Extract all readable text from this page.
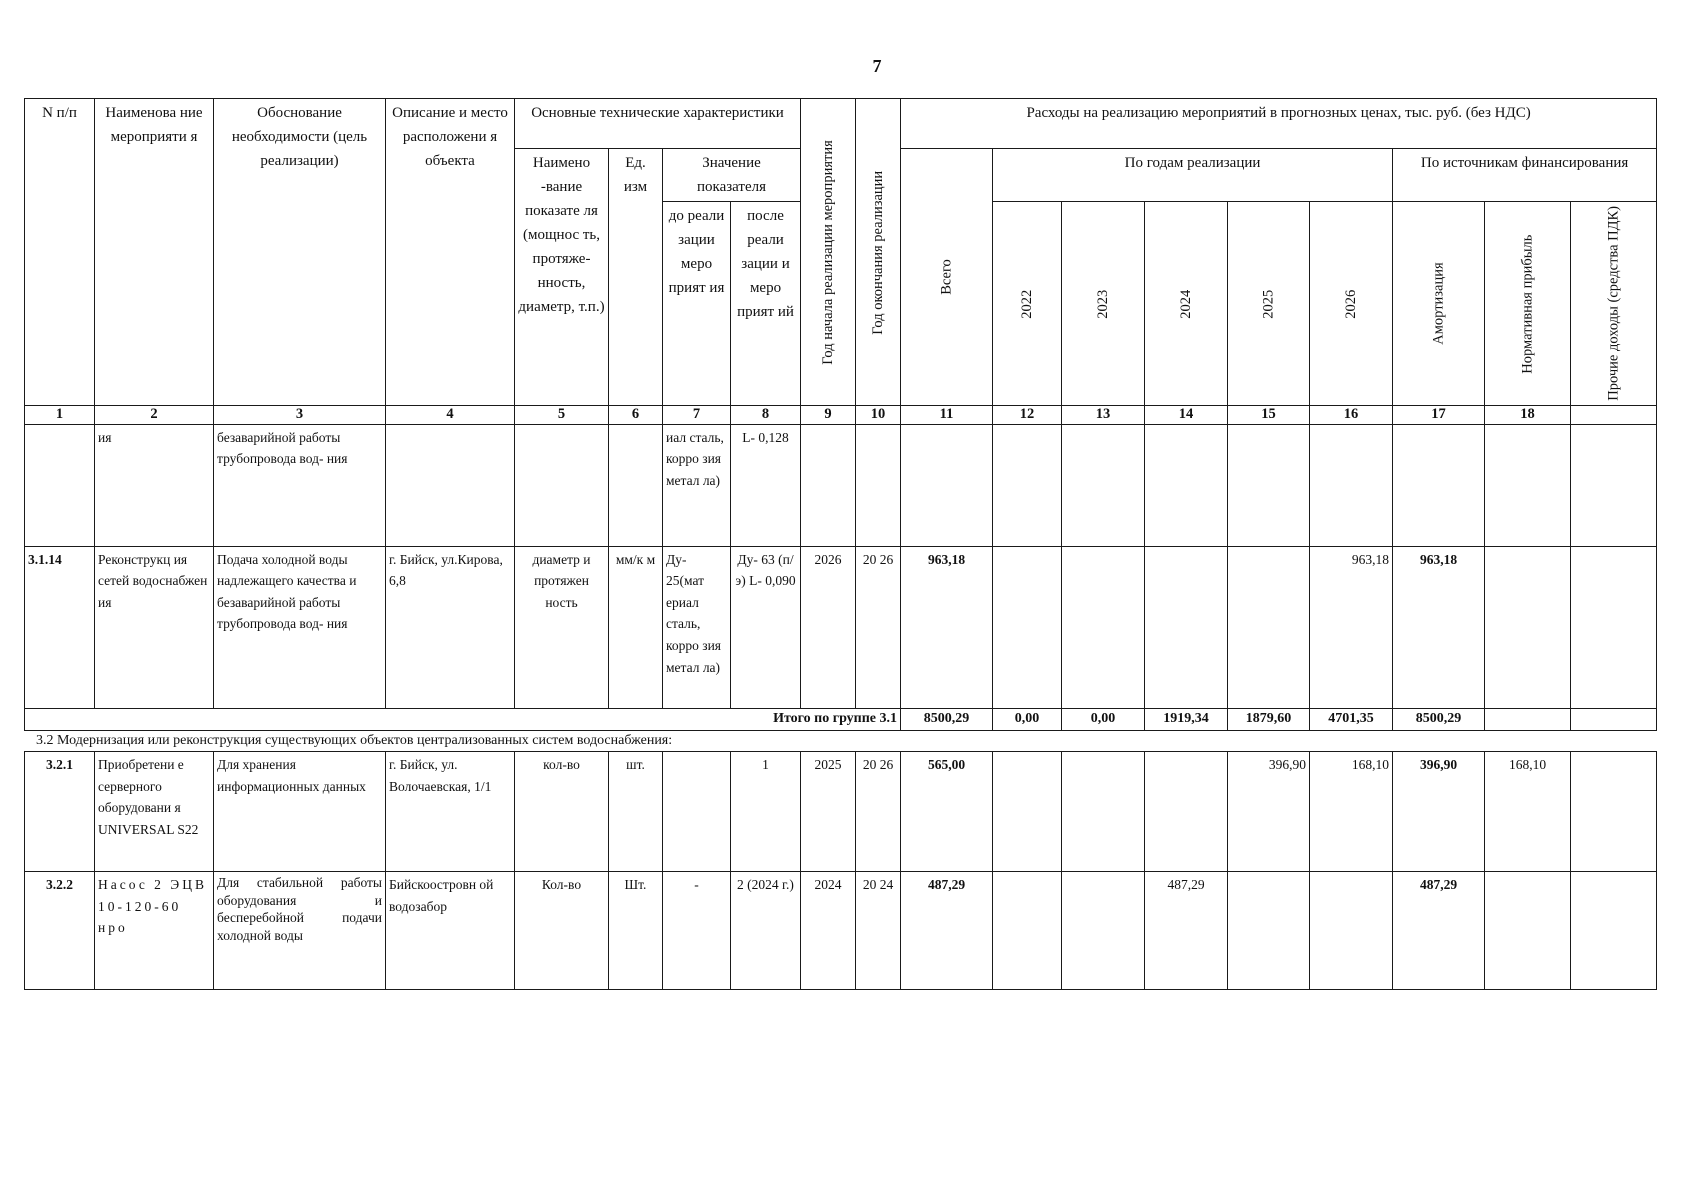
7
N п/п	Наименова ние мероприяти я	Обоснование необходимости (цель реализации)	Описание и место расположени я объекта	Основные технические характеристики				Год начала реализации мероприятия	Год окончания реализации	Расходы на реализацию мероприятий в прогнозных ценах, тыс. руб. (без НДС)								
				Наимено -вание показате ля (мощнос ть, протяже- нность, диаметр, т.п.)	Ед. изм	Значение показателя				Всего	По годам реализации					По источникам финансирования		
						до реали зации меро прият ия	после реали зации и меро прият ий				2022	2023	2024	2025	2026	Амортизация	Нормативная прибыль	Прочие доходы (средства ПДК)

1	2	3	4	5	6	7	8	9	10	11	12	13	14	15	16	17	18	
	ия	безаварийной работы трубопровода вод- ния				иал сталь, корро зия метал ла)	L- 0,128											
3.1.14	Реконструкц ия сетей водоснабжен ия	Подача холодной воды надлежащего качества и безаварийной работы трубопровода вод- ния	г. Бийск, ул.Кирова, 6,8	диаметр и протяжен ность	мм/к м	Ду- 25(мат ериал сталь, корро зия метал ла)	Ду- 63 (п/э) L- 0,090	2026	20 26	963,18					963,18	963,18		
Итого по группе 3.1										8500,29	0,00	0,00	1919,34	1879,60	4701,35	8500,29		
3.2 Модернизация или реконструкция существующих объектов централизованных систем водоснабжения:
3.2.1	Приобретени е серверного оборудовани я UNIVERSAL S22	Для хранения информационных данных	г. Бийск, ул. Волочаевская, 1/1	кол-во	шт.		1	2025	20 26	565,00				396,90	168,10	396,90	168,10	
3.2.2	Насос 2 ЭЦВ 10-120-60 нро	Для стабильной работы оборудования и бесперебойной подачи холодной воды	Бийскоостровн ой водозабор	Кол-во	Шт.	-	2 (2024 г.)	2024	20 24	487,29			487,29			487,29		
